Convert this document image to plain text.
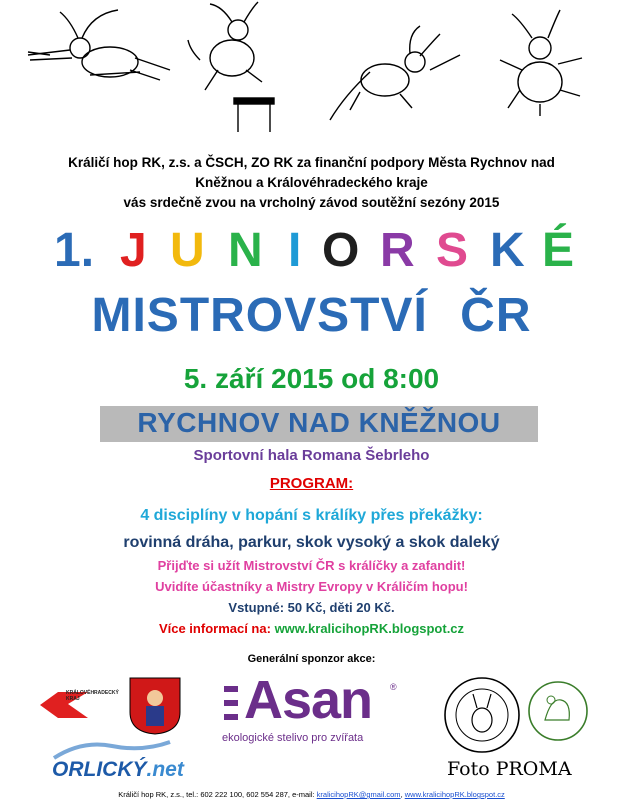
Králičí hop RK, z.s. a ČSCH, ZO RK za finanční podpory Města Rychnov nad
Kněžnou a Královéhradeckého kraje
vás srdečně zvou na vrcholný závod soutěžní sezóny 2015
1. J U N I O R S K É
MISTROVSTVÍ ČR
5. září 2015 od 8:00
RYCHNOV NAD KNĚŽNOU
Sportovní hala Romana Šebrleho
PROGRAM:
4 disciplíny v hopání s králíky přes překážky:
rovinná dráha, parkur, skok vysoký a skok daleký
Přijďte si užít Mistrovství ČR s králíčky a zafandit!
Uvidíte účastníky a Mistry Evropy v Králičím hopu!
Vstupné: 50 Kč, děti 20 Kč.
Více informací na: www.kralicihopRK.blogspot.cz
Generální sponzor akce:
KRÁLOVÉHRADECKÝ KRAJ	Asan ®
ekologické stelivo pro zvířata
ORLICKÝ.net	Foto PROMA
Králičí hop RK, z.s., tel.: 602 222 100, 602 554 287, e-mail: kralicihopRK@gmail.com, www.kralicihopRK.blogspot.cz
